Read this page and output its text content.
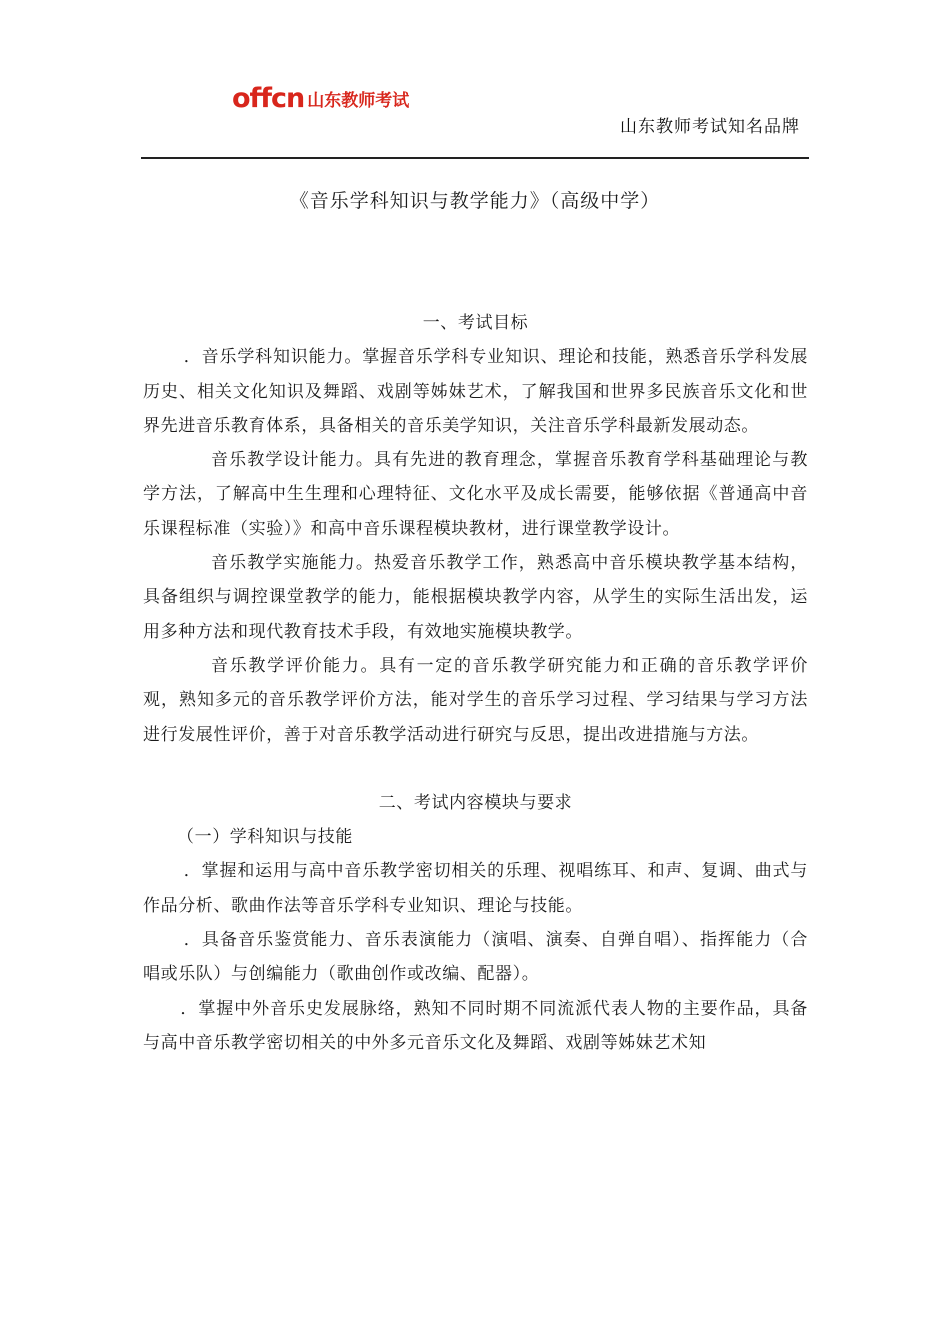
offcn 山东教师考试
山东教师考试知名品牌
《音乐学科知识与教学能力》（高级中学）

一、考试目标

．音乐学科知识能力。掌握音乐学科专业知识、理论和技能，熟悉音乐学科发展历史、相关文化知识及舞蹈、戏剧等姊妹艺术，了解我国和世界多民族音乐文化和世界先进音乐教育体系，具备相关的音乐美学知识，关注音乐学科最新发展动态。

音乐教学设计能力。具有先进的教育理念，掌握音乐教育学科基础理论与教学方法，了解高中生生理和心理特征、文化水平及成长需要，能够依据《普通高中音乐课程标准（实验）》和高中音乐课程模块教材，进行课堂教学设计。

音乐教学实施能力。热爱音乐教学工作，熟悉高中音乐模块教学基本结构，具备组织与调控课堂教学的能力，能根据模块教学内容，从学生的实际生活出发，运用多种方法和现代教育技术手段，有效地实施模块教学。

音乐教学评价能力。具有一定的音乐教学研究能力和正确的音乐教学评价观，熟知多元的音乐教学评价方法，能对学生的音乐学习过程、学习结果与学习方法进行发展性评价，善于对音乐教学活动进行研究与反思，提出改进措施与方法。

二、考试内容模块与要求

（一）学科知识与技能

．掌握和运用与高中音乐教学密切相关的乐理、视唱练耳、和声、复调、曲式与作品分析、歌曲作法等音乐学科专业知识、理论与技能。

．具备音乐鉴赏能力、音乐表演能力（演唱、演奏、自弹自唱）、指挥能力（合唱或乐队）与创编能力（歌曲创作或改编、配器）。

．掌握中外音乐史发展脉络，熟知不同时期不同流派代表人物的主要作品，具备与高中音乐教学密切相关的中外多元音乐文化及舞蹈、戏剧等姊妹艺术知
